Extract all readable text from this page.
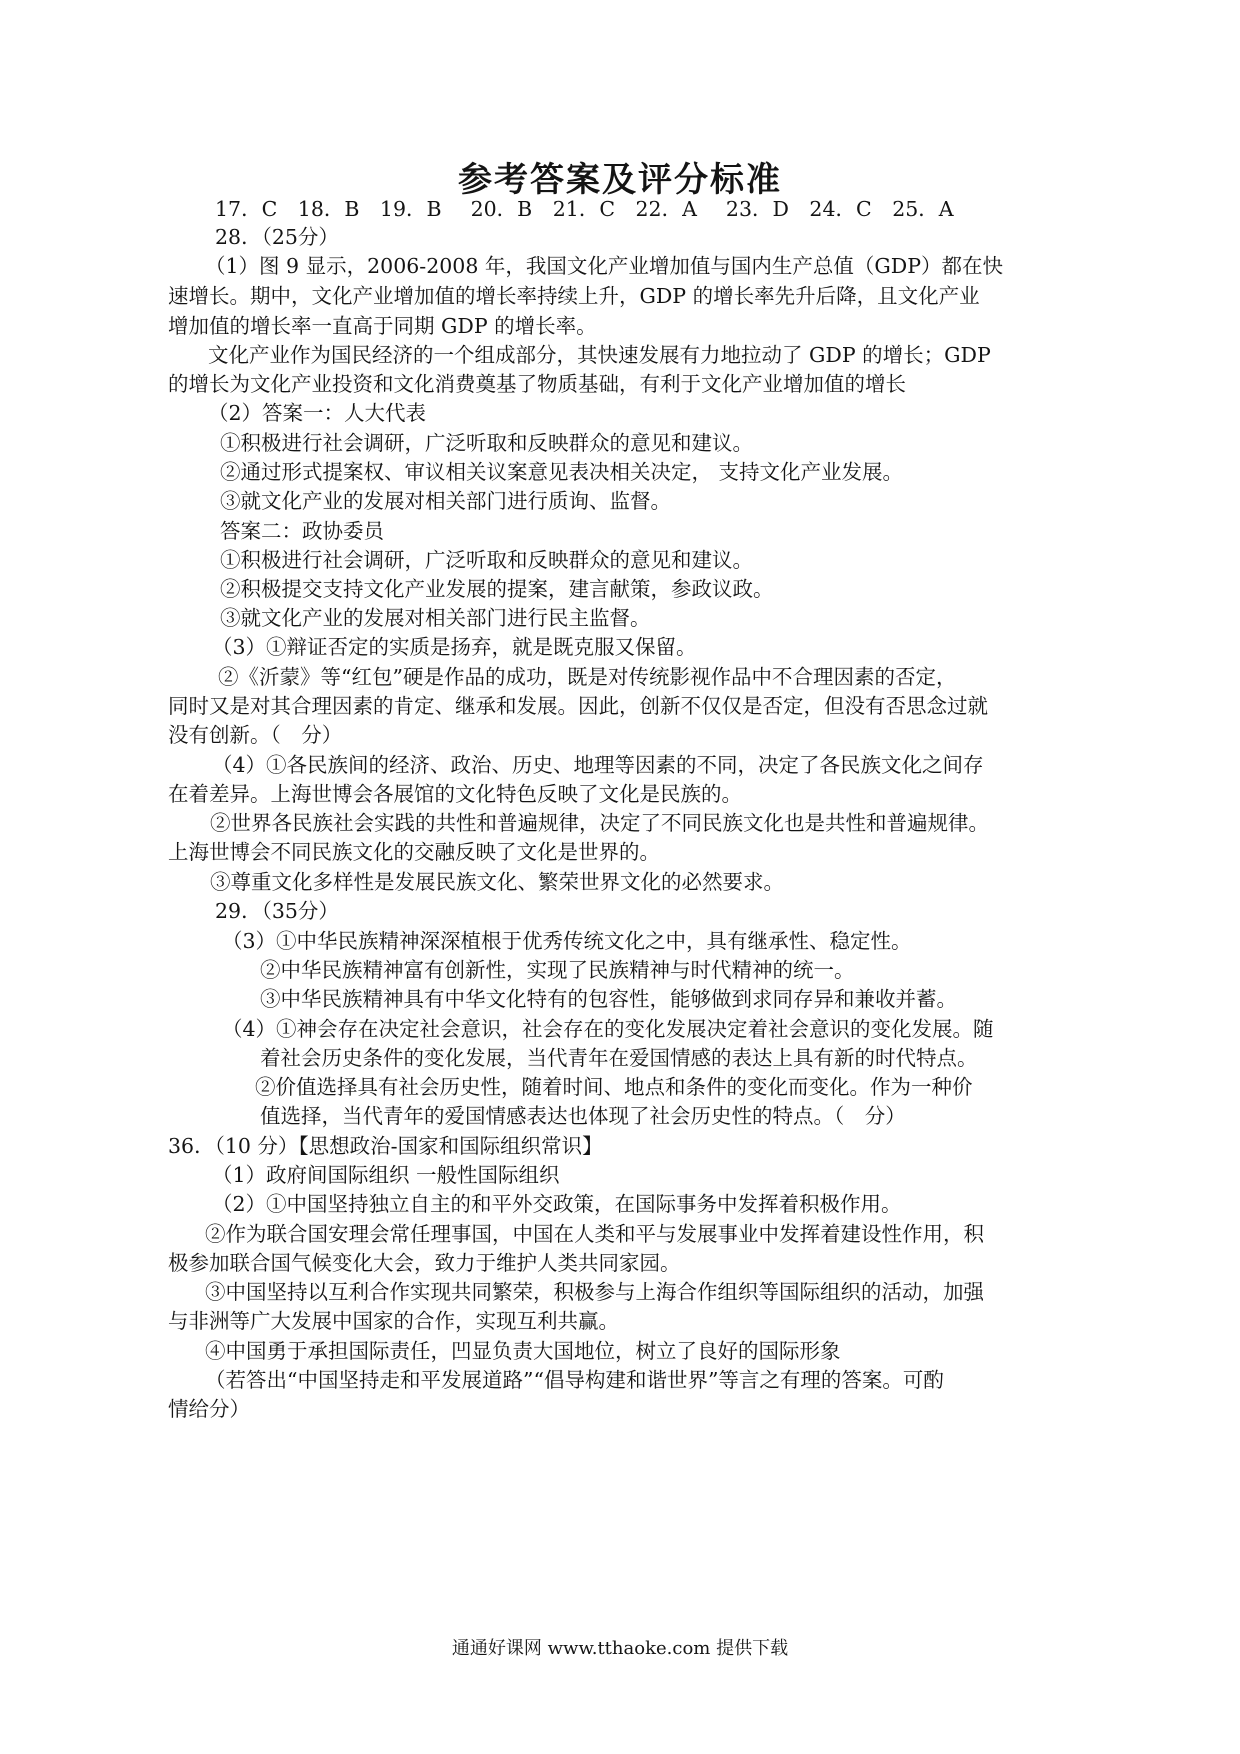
参考答案及评分标准
17．C　18．B　19．B　 20．B　21．C　22．A　 23．D　24．C　25．A
28．（25分）
（1）图 9 显示，2006-2008 年，我国文化产业增加值与国内生产总值（GDP）都在快
速增长。期中，文化产业增加值的增长率持续上升，GDP 的增长率先升后降，且文化产业
增加值的增长率一直高于同期 GDP 的增长率。
文化产业作为国民经济的一个组成部分，其快速发展有力地拉动了 GDP 的增长；GDP
的增长为文化产业投资和文化消费奠基了物质基础，有利于文化产业增加值的增长
（2）答案一：人大代表
①积极进行社会调研，广泛听取和反映群众的意见和建议。
②通过形式提案权、审议相关议案意见表决相关决定， 支持文化产业发展。
③就文化产业的发展对相关部门进行质询、监督。
答案二：政协委员
①积极进行社会调研，广泛听取和反映群众的意见和建议。
②积极提交支持文化产业发展的提案，建言献策，参政议政。
③就文化产业的发展对相关部门进行民主监督。
（3）①辩证否定的实质是扬弃，就是既克服又保留。
②《沂蒙》等“红包”硬是作品的成功，既是对传统影视作品中不合理因素的否定，
同时又是对其合理因素的肯定、继承和发展。因此，创新不仅仅是否定，但没有否思念过就
没有创新。（　分）
（4）①各民族间的经济、政治、历史、地理等因素的不同，决定了各民族文化之间存
在着差异。上海世博会各展馆的文化特色反映了文化是民族的。
②世界各民族社会实践的共性和普遍规律，决定了不同民族文化也是共性和普遍规律。
上海世博会不同民族文化的交融反映了文化是世界的。
③尊重文化多样性是发展民族文化、繁荣世界文化的必然要求。
29．（35分）
（3）①中华民族精神深深植根于优秀传统文化之中，具有继承性、稳定性。
②中华民族精神富有创新性，实现了民族精神与时代精神的统一。
③中华民族精神具有中华文化特有的包容性，能够做到求同存异和兼收并蓄。
（4）①神会存在决定社会意识，社会存在的变化发展决定着社会意识的变化发展。随
着社会历史条件的变化发展，当代青年在爱国情感的表达上具有新的时代特点。
②价值选择具有社会历史性，随着时间、地点和条件的变化而变化。作为一种价
值选择，当代青年的爱国情感表达也体现了社会历史性的特点。（　分）
36．（10 分）【思想政治-国家和国际组织常识】
（1）政府间国际组织 一般性国际组织
（2）①中国坚持独立自主的和平外交政策，在国际事务中发挥着积极作用。
②作为联合国安理会常任理事国，中国在人类和平与发展事业中发挥着建设性作用，积
极参加联合国气候变化大会，致力于维护人类共同家园。
③中国坚持以互利合作实现共同繁荣，积极参与上海合作组织等国际组织的活动，加强
与非洲等广大发展中国家的合作，实现互利共赢。
④中国勇于承担国际责任，凹显负责大国地位，树立了良好的国际形象
（若答出“中国坚持走和平发展道路”“倡导构建和谐世界”等言之有理的答案。可酌
情给分）
通通好课网 www.tthaoke.com 提供下载
